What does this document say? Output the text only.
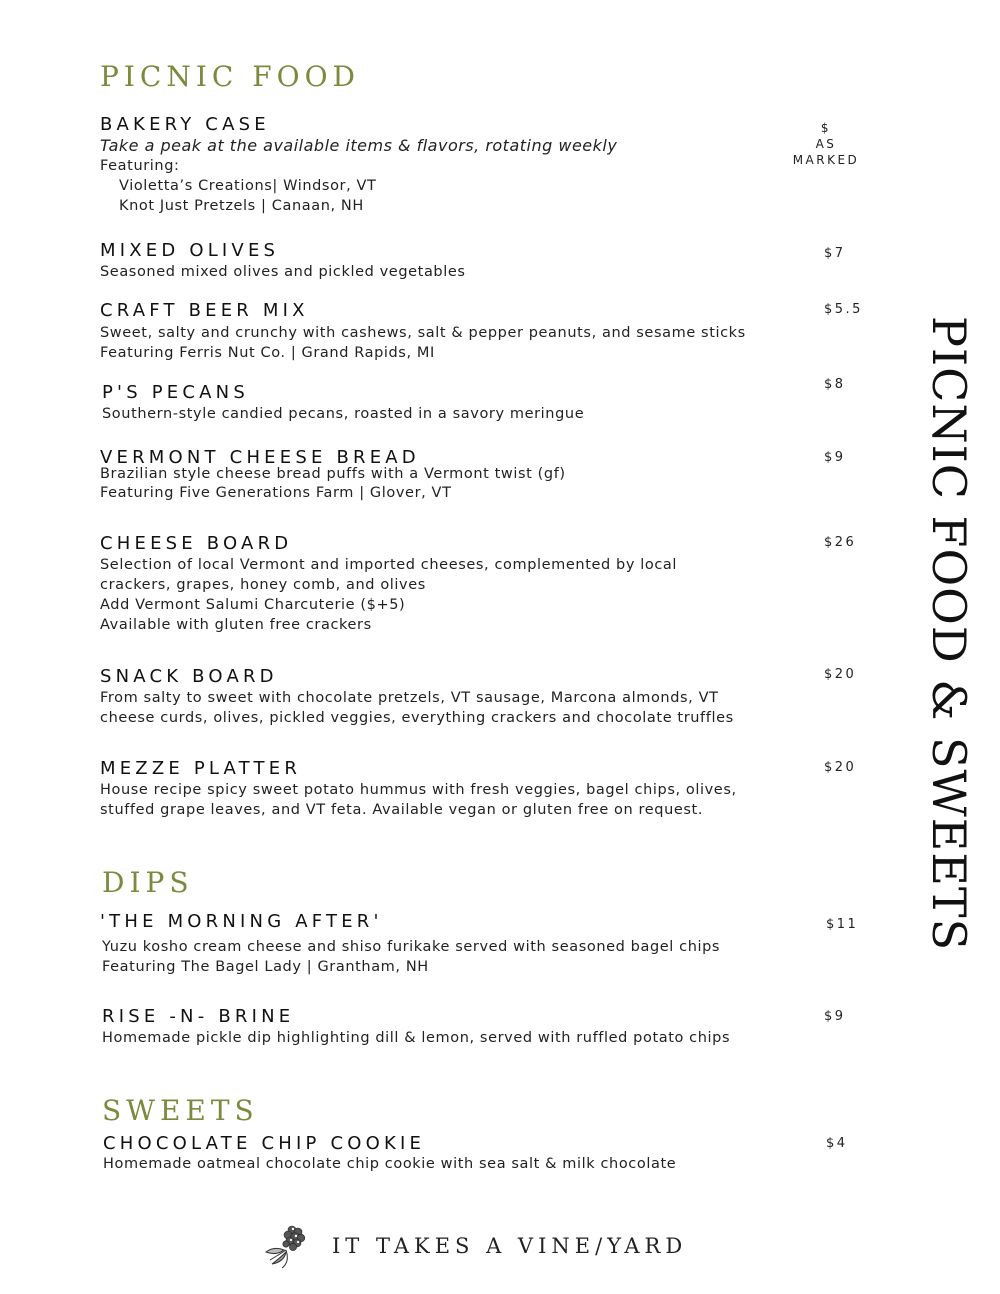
PICNIC FOOD
BAKERY CASE
Take a peak at the available items & flavors, rotating weekly
Featuring:
Violetta’s Creations| Windsor, VT
Knot Just Pretzels | Canaan, NH
$
AS
MARKED
MIXED OLIVES
Seasoned mixed olives and pickled vegetables
$7
CRAFT BEER MIX
Sweet, salty and crunchy with cashews, salt & pepper peanuts, and sesame sticks
Featuring Ferris Nut Co. | Grand Rapids, MI
$5.5
P'S PECANS
Southern-style candied pecans, roasted in a savory meringue
$8
VERMONT CHEESE BREAD
Brazilian style cheese bread puffs with a Vermont twist (gf)
Featuring Five Generations Farm | Glover, VT
$9
CHEESE BOARD
Selection of local Vermont and imported cheeses, complemented by local
crackers, grapes, honey comb, and olives
Add Vermont Salumi Charcuterie ($+5)
Available with gluten free crackers
$26
SNACK BOARD
From salty to sweet with chocolate pretzels, VT sausage, Marcona almonds, VT
cheese curds, olives, pickled veggies, everything crackers and chocolate truffles
$20
MEZZE PLATTER
House recipe spicy sweet potato hummus with fresh veggies, bagel chips, olives,
stuffed grape leaves, and VT feta. Available vegan or gluten free on request.
$20
DIPS
'THE MORNING AFTER'
Yuzu kosho cream cheese and shiso furikake served with seasoned bagel chips
Featuring The Bagel Lady | Grantham, NH
$11
RISE -N- BRINE
Homemade pickle dip highlighting dill & lemon, served with ruffled potato chips
$9
SWEETS
CHOCOLATE CHIP COOKIE
Homemade oatmeal chocolate chip cookie with sea salt & milk chocolate
$4
PICNIC FOOD & SWEETS
IT TAKES A VINE/YARD
